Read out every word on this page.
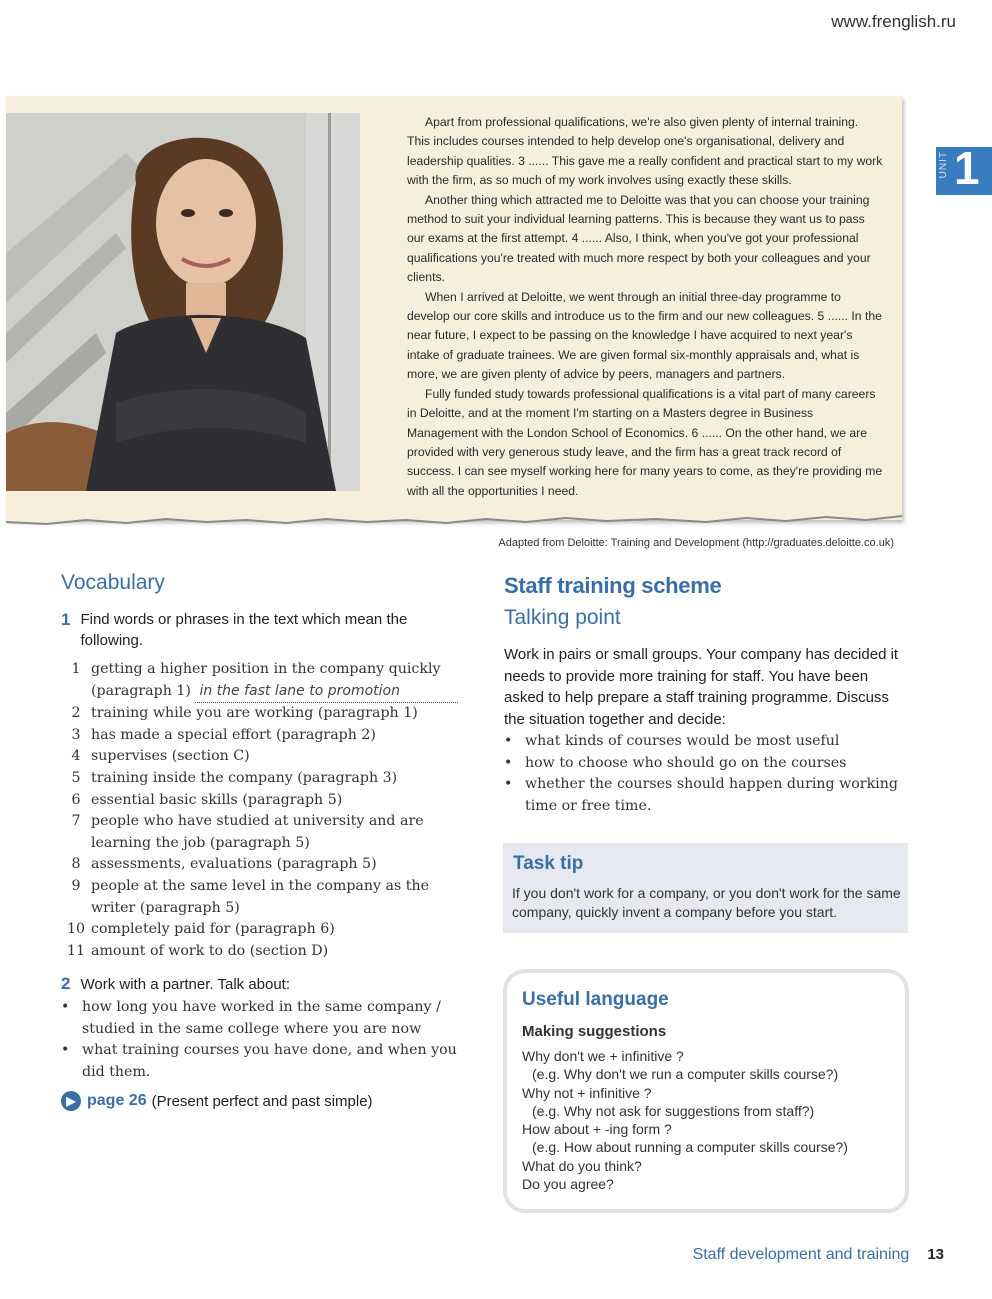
www.frenglish.ru
UNIT 1

Apart from professional qualifications, we're also given plenty of internal training. This includes courses intended to help develop one's organisational, delivery and leadership qualities. 3 ...... This gave me a really confident and practical start to my work with the firm, as so much of my work involves using exactly these skills.

Another thing which attracted me to Deloitte was that you can choose your training method to suit your individual learning patterns. This is because they want us to pass our exams at the first attempt. 4 ...... Also, I think, when you've got your professional qualifications you're treated with much more respect by both your colleagues and your clients.

When I arrived at Deloitte, we went through an initial three-day programme to develop our core skills and introduce us to the firm and our new colleagues. 5 ...... In the near future, I expect to be passing on the knowledge I have acquired to next year's intake of graduate trainees. We are given formal six-monthly appraisals and, what is more, we are given plenty of advice by peers, managers and partners.

Fully funded study towards professional qualifications is a vital part of many careers in Deloitte, and at the moment I'm starting on a Masters degree in Business Management with the London School of Economics. 6 ...... On the other hand, we are provided with very generous study leave, and the firm has a great track record of success. I can see myself working here for many years to come, as they're providing me with all the opportunities I need.

Adapted from Deloitte: Training and Development (http://graduates.deloitte.co.uk)
Vocabulary
1 Find words or phrases in the text which mean the following.
1 getting a higher position in the company quickly (paragraph 1) in the fast lane to promotion
2 training while you are working (paragraph 1)
3 has made a special effort (paragraph 2)
4 supervises (section C)
5 training inside the company (paragraph 3)
6 essential basic skills (paragraph 5)
7 people who have studied at university and are learning the job (paragraph 5)
8 assessments, evaluations (paragraph 5)
9 people at the same level in the company as the writer (paragraph 5)
10 completely paid for (paragraph 6)
11 amount of work to do (section D)
2 Work with a partner. Talk about:
• how long you have worked in the same company / studied in the same college where you are now
• what training courses you have done, and when you did them.
▶ page 26 (Present perfect and past simple)
Staff training scheme
Talking point
Work in pairs or small groups. Your company has decided it needs to provide more training for staff. You have been asked to help prepare a staff training programme. Discuss the situation together and decide:
• what kinds of courses would be most useful
• how to choose who should go on the courses
• whether the courses should happen during working time or free time.
Task tip
If you don't work for a company, or you don't work for the same company, quickly invent a company before you start.
Useful language
Making suggestions
Why don't we + infinitive ?
(e.g. Why don't we run a computer skills course?)
Why not + infinitive ?
(e.g. Why not ask for suggestions from staff?)
How about + -ing form ?
(e.g. How about running a computer skills course?)
What do you think?
Do you agree?
Staff development and training 13
